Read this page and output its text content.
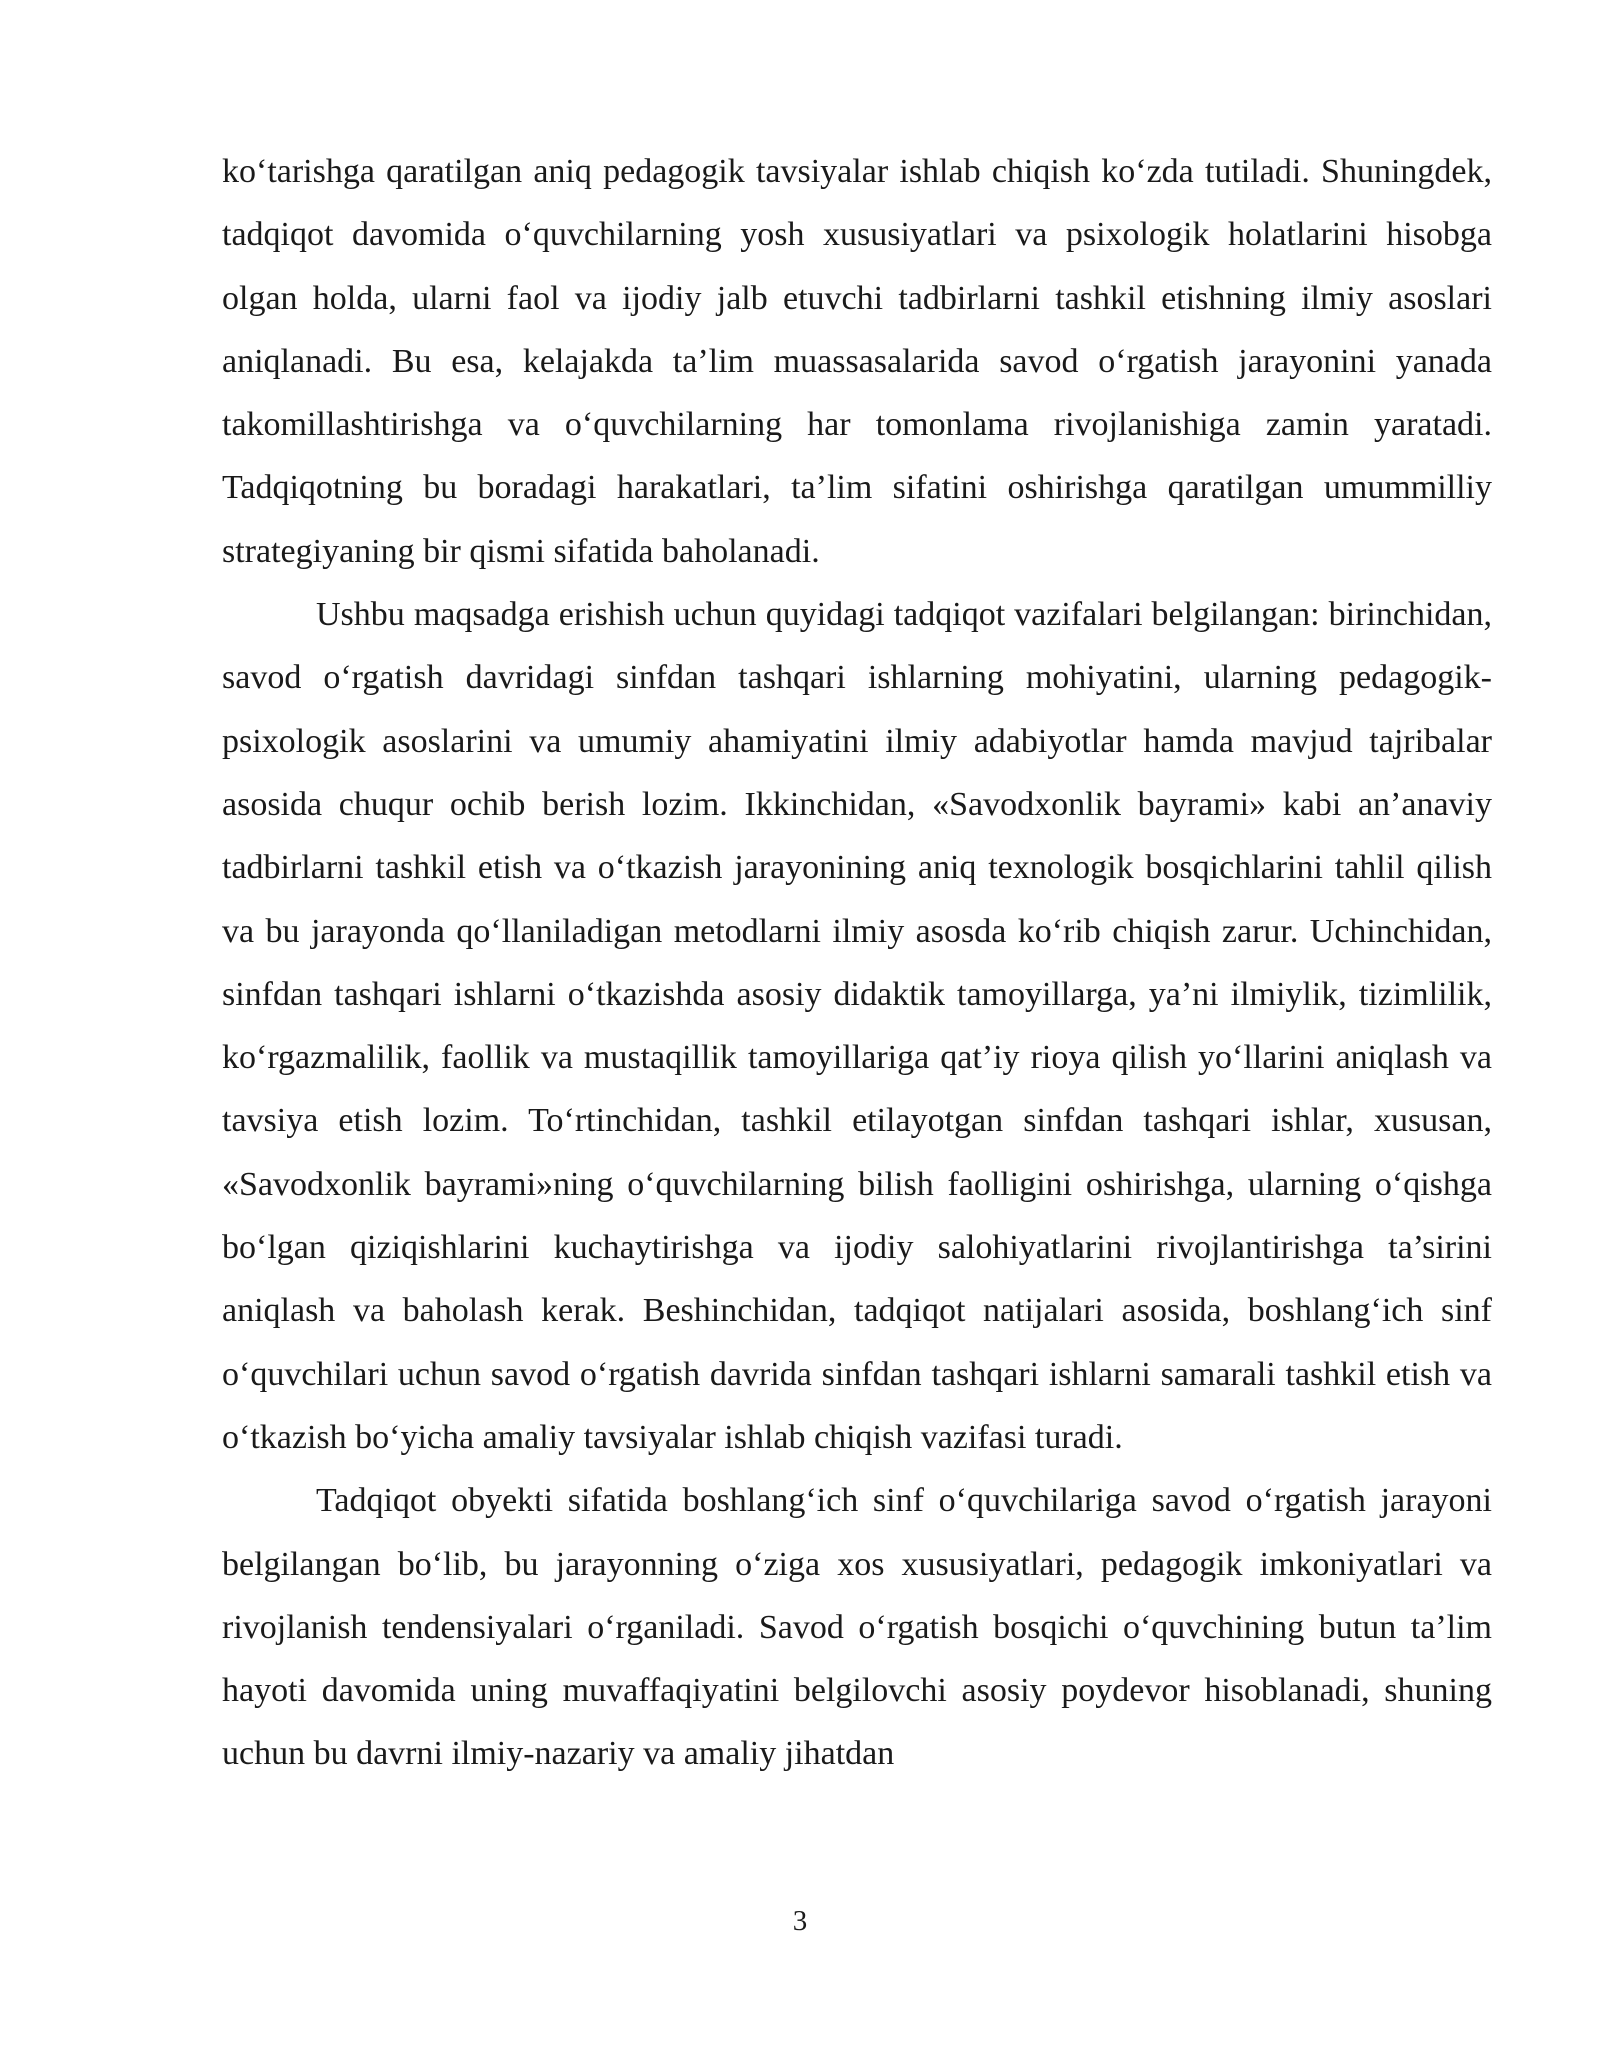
ko‘tarishga qaratilgan aniq pedagogik tavsiyalar ishlab chiqish ko‘zda tutiladi. Shuningdek, tadqiqot davomida o‘quvchilarning yosh xususiyatlari va psixologik holatlarini hisobga olgan holda, ularni faol va ijodiy jalb etuvchi tadbirlarni tashkil etishning ilmiy asoslari aniqlanadi. Bu esa, kelajakda ta’lim muassasalarida savod o‘rgatish jarayonini yanada takomillashtirishga va o‘quvchilarning har tomonlama rivojlanishiga zamin yaratadi. Tadqiqotning bu boradagi harakatlari, ta’lim sifatini oshirishga qaratilgan umummilliy strategiyaning bir qismi sifatida baholanadi.

Ushbu maqsadga erishish uchun quyidagi tadqiqot vazifalari belgilangan: birinchidan, savod o‘rgatish davridagi sinfdan tashqari ishlarning mohiyatini, ularning pedagogik-psixologik asoslarini va umumiy ahamiyatini ilmiy adabiyotlar hamda mavjud tajribalar asosida chuqur ochib berish lozim. Ikkinchidan, «Savodxonlik bayrami» kabi an’anaviy tadbirlarni tashkil etish va o‘tkazish jarayonining aniq texnologik bosqichlarini tahlil qilish va bu jarayonda qo‘llaniladigan metodlarni ilmiy asosda ko‘rib chiqish zarur. Uchinchidan, sinfdan tashqari ishlarni o‘tkazishda asosiy didaktik tamoyillarga, ya’ni ilmiylik, tizimlilik, ko‘rgazmalilik, faollik va mustaqillik tamoyillariga qat’iy rioya qilish yo‘llarini aniqlash va tavsiya etish lozim. To‘rtinchidan, tashkil etilayotgan sinfdan tashqari ishlar, xususan, «Savodxonlik bayrami»ning o‘quvchilarning bilish faolligini oshirishga, ularning o‘qishga bo‘lgan qiziqishlarini kuchaytirishga va ijodiy salohiyatlarini rivojlantirishga ta’sirini aniqlash va baholash kerak. Beshinchidan, tadqiqot natijalari asosida, boshlang‘ich sinf o‘quvchilari uchun savod o‘rgatish davrida sinfdan tashqari ishlarni samarali tashkil etish va o‘tkazish bo‘yicha amaliy tavsiyalar ishlab chiqish vazifasi turadi.

Tadqiqot obyekti sifatida boshlang‘ich sinf o‘quvchilariga savod o‘rgatish jarayoni belgilangan bo‘lib, bu jarayonning o‘ziga xos xususiyatlari, pedagogik imkoniyatlari va rivojlanish tendensiyalari o‘rganiladi. Savod o‘rgatish bosqichi o‘quvchining butun ta’lim hayoti davomida uning muvaffaqiyatini belgilovchi asosiy poydevor hisoblanadi, shuning uchun bu davrni ilmiy-nazariy va amaliy jihatdan

3
